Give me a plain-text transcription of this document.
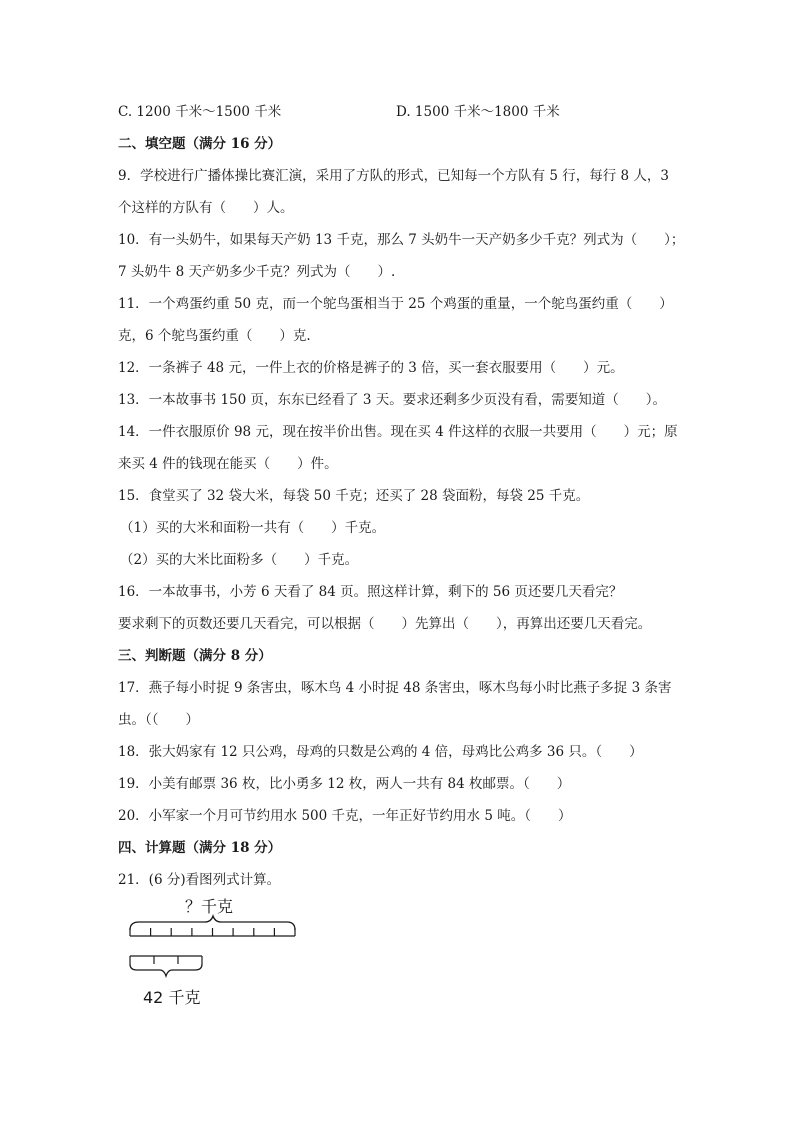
C. 1200 千米～1500 千米	D. 1500 千米～1800 千米
二、填空题（满分 16 分）
9．学校进行广播体操比赛汇演，采用了方队的形式，已知每一个方队有 5 行，每行 8 人，3
个这样的方队有（　　）人。
10．有一头奶牛，如果每天产奶 13 千克，那么 7 头奶牛一天产奶多少千克？列式为（　　）；
7 头奶牛 8 天产奶多少千克？列式为（　　）.
11．一个鸡蛋约重 50 克，而一个鸵鸟蛋相当于 25 个鸡蛋的重量，一个鸵鸟蛋约重（　　）
克，6 个鸵鸟蛋约重（　　）克.
12．一条裤子 48 元，一件上衣的价格是裤子的 3 倍，买一套衣服要用（　　）元。
13．一本故事书 150 页，东东已经看了 3 天。要求还剩多少页没有看，需要知道（　　）。
14．一件衣服原价 98 元，现在按半价出售。现在买 4 件这样的衣服一共要用（　　）元；原
来买 4 件的钱现在能买（　　）件。
15．食堂买了 32 袋大米，每袋 50 千克；还买了 28 袋面粉，每袋 25 千克。
（1）买的大米和面粉一共有（　　）千克。
（2）买的大米比面粉多（　　）千克。
16．一本故事书，小芳 6 天看了 84 页。照这样计算，剩下的 56 页还要几天看完？
要求剩下的页数还要几天看完，可以根据（　　）先算出（　　），再算出还要几天看完。
三、判断题（满分 8 分）
17．燕子每小时捉 9 条害虫，啄木鸟 4 小时捉 48 条害虫，啄木鸟每小时比燕子多捉 3 条害
虫。（（　　）
18．张大妈家有 12 只公鸡，母鸡的只数是公鸡的 4 倍，母鸡比公鸡多 36 只。（　　）
19．小美有邮票 36 枚，比小勇多 12 枚，两人一共有 84 枚邮票。（　　）
20．小军家一个月可节约用水 500 千克，一年正好节约用水 5 吨。（　　）
四、计算题（满分 18 分）
21．(6 分)看图列式计算。
？千克
42 千克
